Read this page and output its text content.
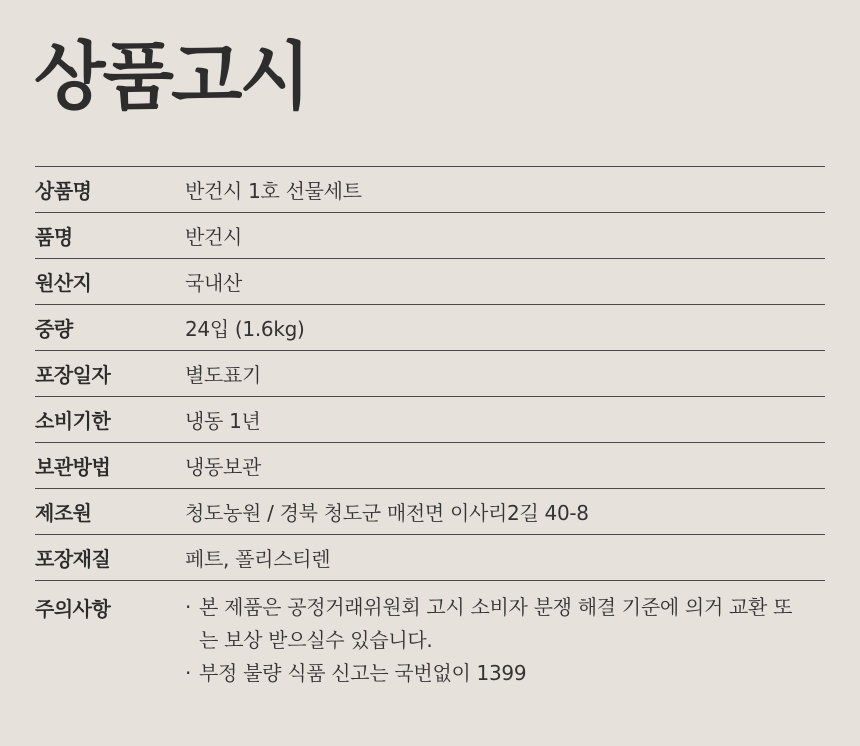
상품고시
상품명	반건시 1호 선물세트
품명	반건시
원산지	국내산
중량	24입 (1.6kg)
포장일자	별도표기
소비기한	냉동 1년
보관방법	냉동보관
제조원	청도농원 / 경북 청도군 매전면 이사리2길 40-8
포장재질	페트, 폴리스티렌
주의사항
·	본 제품은 공정거래위원회 고시 소비자 분쟁 해결 기준에 의거 교환 또는 보상 받으실수 있습니다.
· 부정 불량 식품 신고는 국번없이 1399
